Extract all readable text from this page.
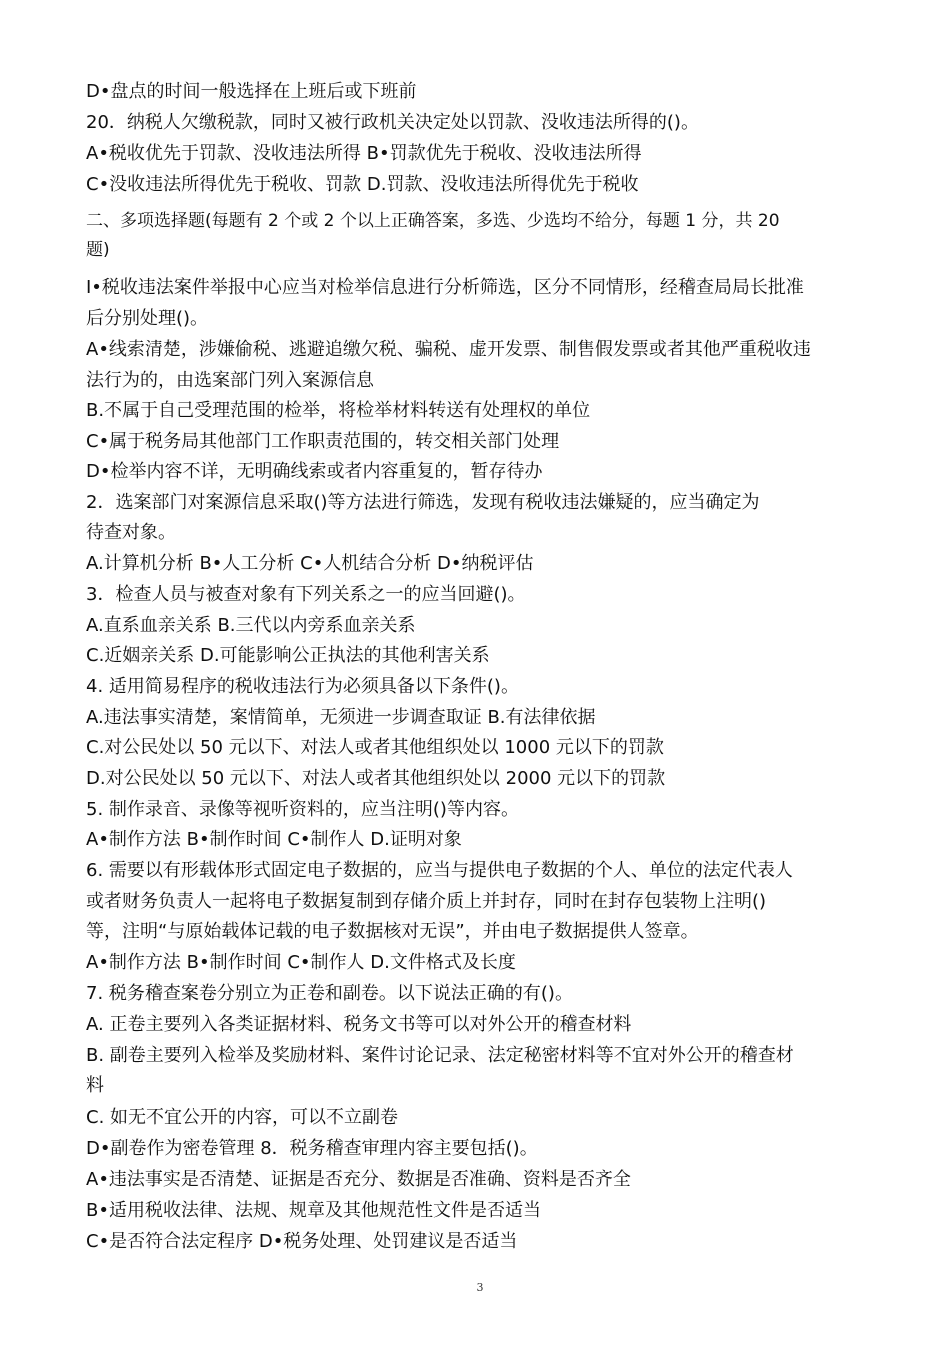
D•盘点的时间一般选择在上班后或下班前
20．纳税人欠缴税款，同时又被行政机关决定处以罚款、没收违法所得的()。
A•税收优先于罚款、没收违法所得 B•罚款优先于税收、没收违法所得
C•没收违法所得优先于税收、罚款 D.罚款、没收违法所得优先于税收
二、多项选择题(每题有 2 个或 2 个以上正确答案，多选、少选均不给分，每题 1 分，共 20
题)
I•税收违法案件举报中心应当对检举信息进行分析筛选，区分不同情形，经稽查局局长批准
后分别处理()。
A•线索清楚，涉嫌偷税、逃避追缴欠税、骗税、虚开发票、制售假发票或者其他严重税收违
法行为的，由选案部门列入案源信息
B.不属于自己受理范围的检举，将检举材料转送有处理权的单位
C•属于税务局其他部门工作职责范围的，转交相关部门处理
D•检举内容不详，无明确线索或者内容重复的，暂存待办
2．选案部门对案源信息采取()等方法进行筛选，发现有税收违法嫌疑的，应当确定为
待查对象。
A.计算机分析 B•人工分析 C•人机结合分析 D•纳税评估
3．检查人员与被查对象有下列关系之一的应当回避()。
A.直系血亲关系 B.三代以内旁系血亲关系
C.近姻亲关系 D.可能影响公正执法的其他利害关系
4. 适用简易程序的税收违法行为必须具备以下条件()。
A.违法事实清楚，案情简单，无须进一步调查取证 B.有法律依据
C.对公民处以 50 元以下、对法人或者其他组织处以 1000 元以下的罚款
D.对公民处以 50 元以下、对法人或者其他组织处以 2000 元以下的罚款
5. 制作录音、录像等视听资料的，应当注明()等内容。
A•制作方法 B•制作时间 C•制作人 D.证明对象
6. 需要以有形载体形式固定电子数据的，应当与提供电子数据的个人、单位的法定代表人
或者财务负责人一起将电子数据复制到存储介质上并封存，同时在封存包装物上注明()
等，注明“与原始载体记载的电子数据核对无误”，并由电子数据提供人签章。
A•制作方法 B•制作时间 C•制作人 D.文件格式及长度
7. 税务稽查案卷分别立为正卷和副卷。以下说法正确的有()。
A. 正卷主要列入各类证据材料、税务文书等可以对外公开的稽查材料
B. 副卷主要列入检举及奖励材料、案件讨论记录、法定秘密材料等不宜对外公开的稽查材
料
C. 如无不宜公开的内容，可以不立副卷
D•副卷作为密卷管理 8．税务稽查审理内容主要包括()。
A•违法事实是否清楚、证据是否充分、数据是否准确、资料是否齐全
B•适用税收法律、法规、规章及其他规范性文件是否适当
C•是否符合法定程序 D•税务处理、处罚建议是否适当
3
